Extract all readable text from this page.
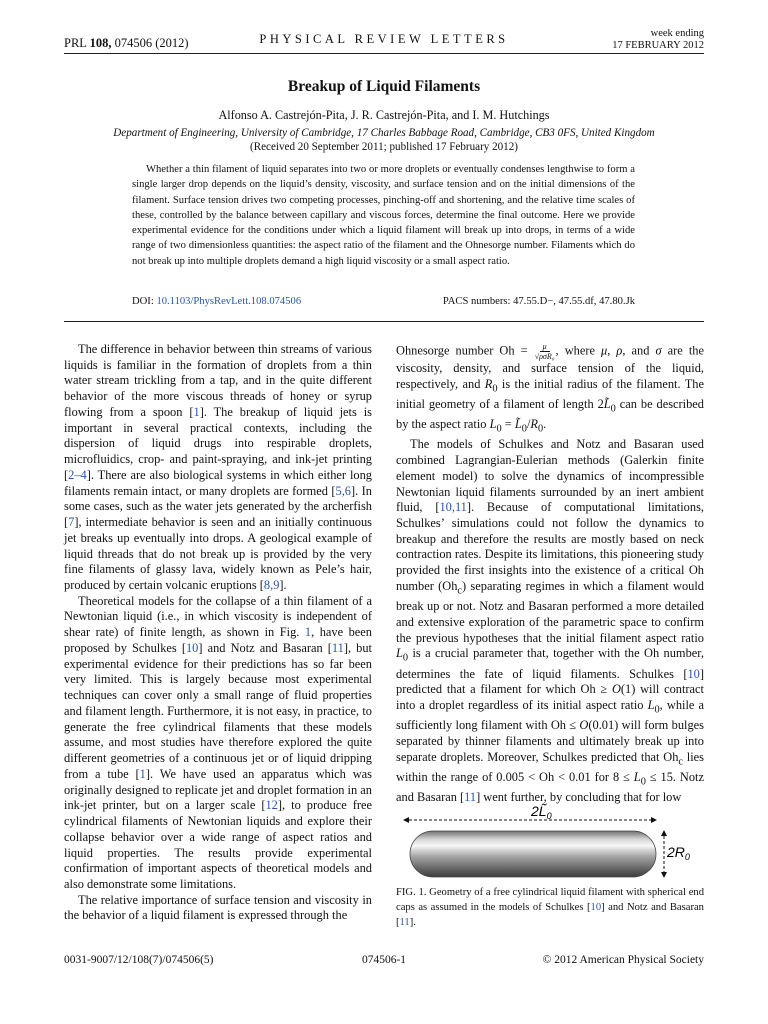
PRL 108, 074506 (2012)	PHYSICAL REVIEW LETTERS	week ending
17 FEBRUARY 2012
Breakup of Liquid Filaments
Alfonso A. Castrejón-Pita, J. R. Castrejón-Pita, and I. M. Hutchings
Department of Engineering, University of Cambridge, 17 Charles Babbage Road, Cambridge, CB3 0FS, United Kingdom
(Received 20 September 2011; published 17 February 2012)

Whether a thin filament of liquid separates into two or more droplets or eventually condenses lengthwise to form a single larger drop depends on the liquid’s density, viscosity, and surface tension and on the initial dimensions of the filament. Surface tension drives two competing processes, pinching-off and shortening, and the relative time scales of these, controlled by the balance between capillary and viscous forces, determine the final outcome. Here we provide experimental evidence for the conditions under which a liquid filament will break up into drops, in terms of a wide range of two dimensionless quantities: the aspect ratio of the filament and the Ohnesorge number. Filaments which do not break up into multiple droplets demand a high liquid viscosity or a small aspect ratio.

DOI: 10.1103/PhysRevLett.108.074506	PACS numbers: 47.55.D−, 47.55.df, 47.80.Jk

The difference in behavior between thin streams of various liquids is familiar in the formation of droplets from a thin water stream trickling from a tap, and in the quite different behavior of the more viscous threads of honey or syrup flowing from a spoon [1]. The breakup of liquid jets is important in several practical contexts, including the dispersion of liquid drugs into respirable droplets, microfluidics, crop- and paint-spraying, and ink-jet printing [2–4]. There are also biological systems in which either long filaments remain intact, or many droplets are formed [5,6]. In some cases, such as the water jets generated by the archerfish [7], intermediate behavior is seen and an initially continuous jet breaks up eventually into drops. A geological example of liquid threads that do not break up is provided by the very fine filaments of glassy lava, widely known as Pele’s hair, produced by certain volcanic eruptions [8,9].

Theoretical models for the collapse of a thin filament of a Newtonian liquid (i.e., in which viscosity is independent of shear rate) of finite length, as shown in Fig. 1, have been proposed by Schulkes [10] and Notz and Basaran [11], but experimental evidence for their predictions has so far been very limited. This is largely because most experimental techniques can cover only a small range of fluid properties and filament length. Furthermore, it is not easy, in practice, to generate the free cylindrical filaments that these models assume, and most studies have therefore explored the quite different geometries of a continuous jet or of liquid dripping from a tube [1]. We have used an apparatus which was originally designed to replicate jet and droplet formation in an ink-jet printer, but on a larger scale [12], to produce free cylindrical filaments of Newtonian liquids and explore their collapse behavior over a wide range of aspect ratios and liquid properties. The results provide experimental confirmation of important aspects of theoretical models and also demonstrate some limitations.

The relative importance of surface tension and viscosity in the behavior of a liquid filament is expressed through the

Ohnesorge number $Oh = \frac{\mu}{\text{√ρσR₀}}$ , where μ, ρ, and σ are the viscosity, density, and surface tension of the liquid, respectively, and $R_0$ is the initial radius of the filament. The initial geometry of a filament of length $2L̃_0$ can be described by the aspect ratio $L_0$ = $L̃_0/R_0$.

The models of Schulkes and Notz and Basaran used combined Lagrangian-Eulerian methods (Galerkin finite element model) to solve the dynamics of incompressible Newtonian liquid filaments surrounded by an inert ambient fluid, [10,11]. Because of computational limitations, Schulkes’ simulations could not follow the dynamics to breakup and therefore the results are mostly based on neck contraction rates. Despite its limitations, this pioneering study provided the first insights into the existence of a critical Oh number $(Oh_c)$ separating regimes in which a filament would break up or not. Notz and Basaran performed a more detailed and extensive exploration of the parametric space to confirm the previous hypotheses that the initial filament aspect ratio $L_0$ is a crucial parameter that, together with the Oh number, determines the fate of liquid filaments. Schulkes [10] predicted that a filament for which Oh ≥ O(1) will contract into a droplet regardless of its initial aspect ratio $L_0$, while a sufficiently long filament with Oh ≤ O(0.01) will form bulges separated by thinner filaments and ultimately break up into separate droplets. Moreover, Schulkes predicted that $Oh_c$ lies within the range of 0.005 < Oh < 0.01 for $8 \le L_0 \le 15$. Notz and Basaran [11] went further, by concluding that for low

$2L̃_0$
$2R_0$
FIG. 1. Geometry of a free cylindrical liquid filament with spherical end caps as assumed in the models of Schulkes [10] and Notz and Basaran [11].
0031-9007/12/108(7)/074506(5)	074506-1	© 2012 American Physical Society
